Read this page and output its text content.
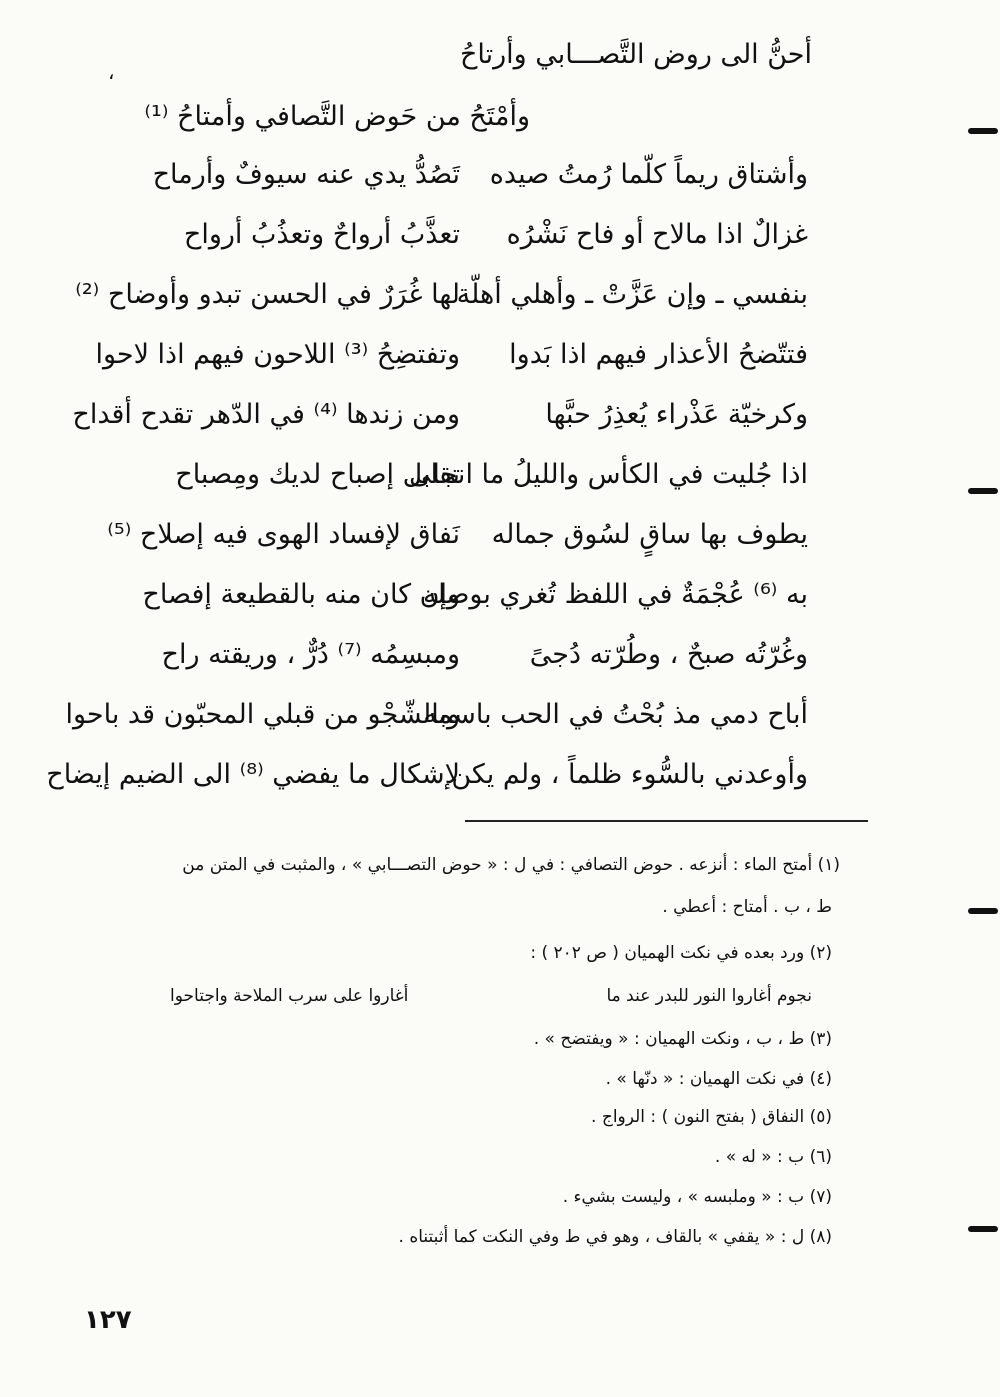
،
أحنُّ الى روض التَّصـــابي وأرتاحُ
وأمْتَحُ من حَوض التَّصافي وأمتاحُ ⁽¹⁾
وأشتاق ريماً كلّما رُمتُ صيده
تَصُدُّ يدي عنه سيوفٌ وأرماح
غزالٌ اذا مالاح أو فاح نَشْرُه
تعذَّبُ أرواحٌ وتعذُبُ أرواح
بنفسي ـ وإن عَزَّتْ ـ وأهلي أهلّة
لها غُرَرٌ في الحسن تبدو وأوضاح ⁽²⁾
فتتّضحُ الأعذار فيهم اذا بَدوا
وتفتضِحُ ⁽³⁾ اللاحون فيهم اذا لاحوا
وكرخيّة عَذْراء يُعذِرُ حبَّها
ومن زندها ⁽⁴⁾ في الدّهر تقدح أقداح
اذا جُليت في الكأس والليلُ ما انجلى
تقابل إصباح لديك ومِصباح
يطوف بها ساقٍ لسُوق جماله
نَفاق لإفساد الهوى فيه إصلاح ⁽⁵⁾
به ⁽⁶⁾ عُجْمَةٌ في اللفظ تُغري بوصله
وإن كان منه بالقطيعة إفصاح
وغُرّتُه صبحٌ ، وطُرّته دُجىً
ومبسِمُه ⁽⁷⁾ دُرٌّ ، وريقته راح
أباح دمي مذ بُحْتُ في الحب باسمه
وبالشّجْو من قبلي المحبّون قد باحوا
وأوعدني بالسُّوء ظلماً ، ولم يكن
لإشكال ما يفضي ⁽⁸⁾ الى الضيم إيضاح
(١) أمتح الماء : أنزعه . حوض التصافي : في ل : « حوض التصـــابي » ، والمثبت في المتن من
ط ، ب . أمتاح : أعطي .
(٢) ورد بعده في نكت الهميان ( ص ٢٠٢ ) :
(٣) ط ، ب ، ونكت الهميان : « ويفتضح » .
(٤) في نكت الهميان : « دنّها » .
(٥) النفاق ( بفتح النون ) : الرواج .
(٦) ب : « له » .
(٧) ب : « وملبسه » ، وليست بشيء .
(٨) ل : « يقفي » بالقاف ، وهو في ط وفي النكت كما أثبتناه .
نجوم أغاروا النور للبدر عند ما
أغاروا على سرب الملاحة واجتاحوا
١٢٧
